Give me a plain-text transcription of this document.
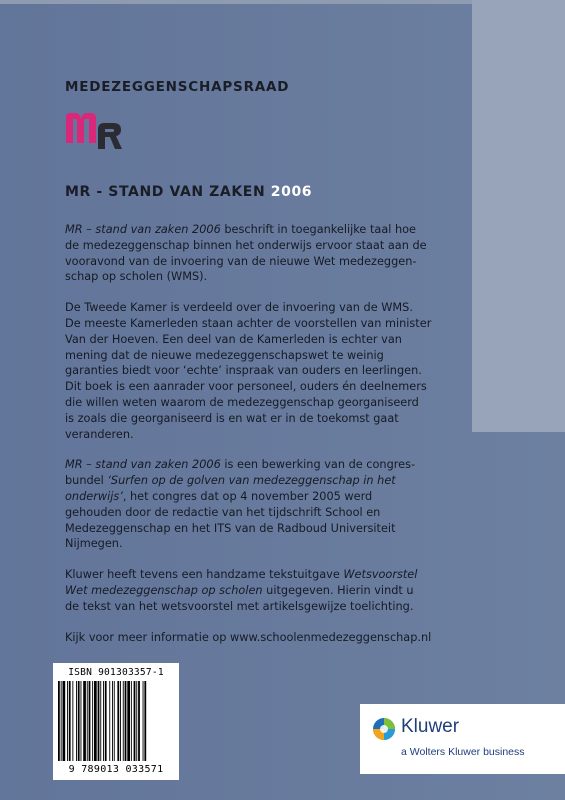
MEDEZEGGENSCHAPSRAAD
MR - STAND VAN ZAKEN 2006

MR – stand van zaken 2006 beschrift in toegankelijke taal hoe
de medezeggenschap binnen het onderwijs ervoor staat aan de
vooravond van de invoering van de nieuwe Wet medezeggen-
schap op scholen (WMS).

De Tweede Kamer is verdeeld over de invoering van de WMS.
De meeste Kamerleden staan achter de voorstellen van minister
Van der Hoeven. Een deel van de Kamerleden is echter van
mening dat de nieuwe medezeggenschapswet te weinig
garanties biedt voor ‘echte’ inspraak van ouders en leerlingen.
Dit boek is een aanrader voor personeel, ouders én deelnemers
die willen weten waarom de medezeggenschap georganiseerd
is zoals die georganiseerd is en wat er in de toekomst gaat
veranderen.

MR – stand van zaken 2006 is een bewerking van de congres-
bundel ‘Surfen op de golven van medezeggenschap in het
onderwijs’, het congres dat op 4 november 2005 werd
gehouden door de redactie van het tijdschrift School en
Medezeggenschap en het ITS van de Radboud Universiteit
Nijmegen.

Kluwer heeft tevens een handzame tekstuitgave Wetsvoorstel
Wet medezeggenschap op scholen uitgegeven. Hierin vindt u
de tekst van het wetsvoorstel met artikelsgewijze toelichting.

Kijk voor meer informatie op www.schoolenmedezeggenschap.nl

ISBN 901303357-1
9 789013 033571
Kluwer
a Wolters Kluwer business
